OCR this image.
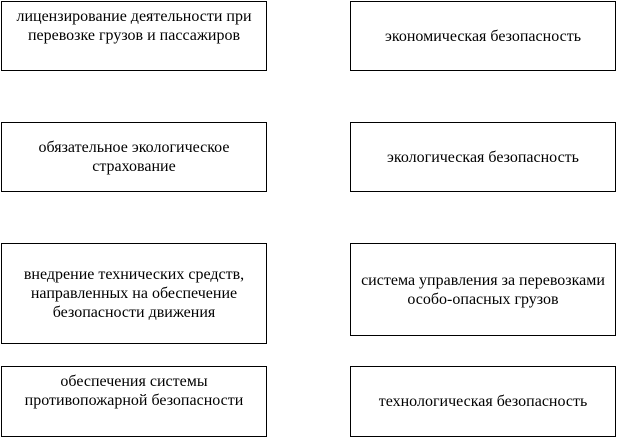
лицензирование деятельности при перевозке грузов и пассажиров
обязательное экологическое страхование
внедрение технических средств, направленных на обеспечение безопасности движения
обеспечения системы противопожарной безопасности
экономическая безопасность
экологическая безопасность
система управления за перевозками особо-опасных грузов
технологическая безопасность
